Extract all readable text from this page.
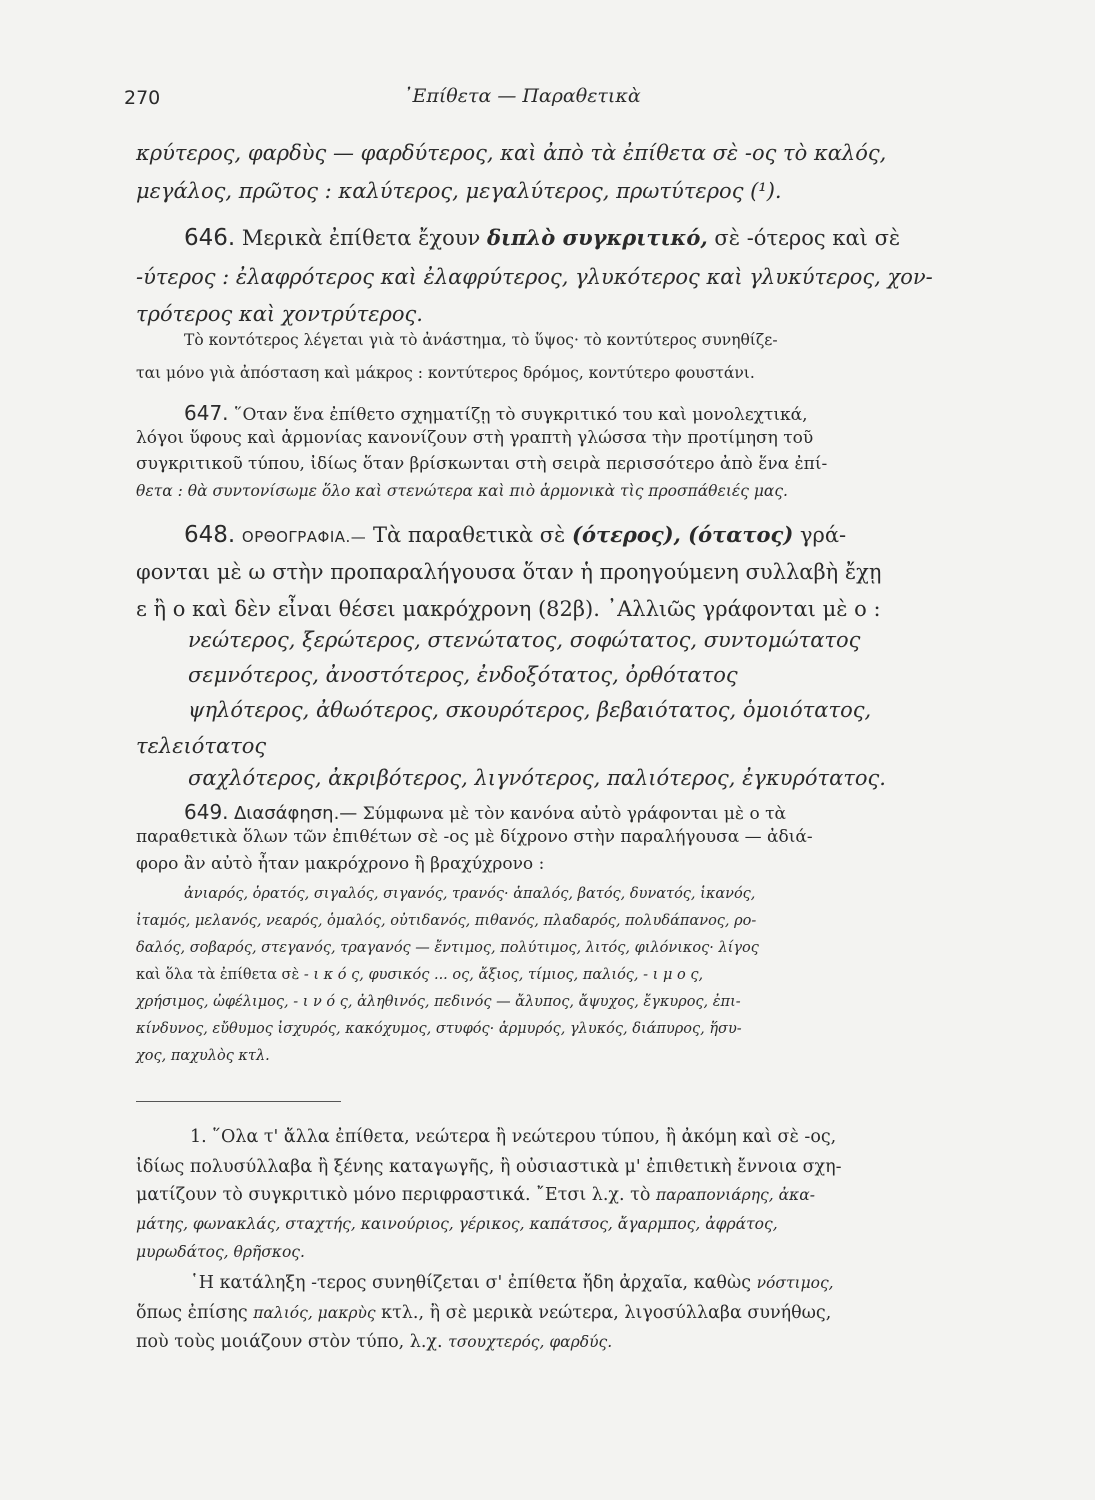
270	᾿Επίθετα — Παραθετικὰ
κρύτερος, φαρδὺς — φαρδύτερος, καὶ ἀπὸ τὰ ἐπίθετα σὲ -ος τὸ καλός,
μεγάλος, πρῶτος : καλύτερος, μεγαλύτερος, πρωτύτερος (¹).
646. Μερικὰ ἐπίθετα ἔχουν διπλὸ συγκριτικό, σὲ -ότερος καὶ σὲ
-ύτερος : ἐλαφρότερος καὶ ἐλαφρύτερος, γλυκότερος καὶ γλυκύτερος, χον-
τρότερος καὶ χοντρύτερος.
Τὸ κοντότερος λέγεται γιὰ τὸ ἀνάστημα, τὸ ὕψος· τὸ κοντύτερος συνηθίζε-
ται μόνο γιὰ ἀπόσταση καὶ μάκρος : κοντύτερος δρόμος, κοντύτερο φουστάνι.
647. ῞Οταν ἕνα ἐπίθετο σχηματίζῃ τὸ συγκριτικό του καὶ μονολεχτικά,
λόγοι ὕφους καὶ ἁρμονίας κανονίζουν στὴ γραπτὴ γλώσσα τὴν προτίμηση τοῦ
συγκριτικοῦ τύπου, ἰδίως ὅταν βρίσκωνται στὴ σειρὰ περισσότερο ἀπὸ ἕνα ἐπί-
θετα : θὰ συντονίσωμε ὅλο καὶ στενώτερα καὶ πιὸ ἁρμονικὰ τὶς προσπάθειές μας.
648. ΟΡΘΟΓΡΑΦΙΑ.— Τὰ παραθετικὰ σὲ (ότερος), (ότατος) γρά-
φονται μὲ ω στὴν προπαραλήγουσα ὅταν ἡ προηγούμενη συλλαβὴ ἔχῃ
ε ἢ ο καὶ δὲν εἶναι θέσει μακρόχρονη (82β). ᾿Αλλιῶς γράφονται μὲ ο :
νεώτερος, ξερώτερος, στενώτατος, σοφώτατος, συντομώτατος
σεμνότερος, ἀνοστότερος, ἐνδοξότατος, ὀρθότατος
ψηλότερος, ἀθωότερος, σκουρότερος, βεβαιότατος, ὁμοιότατος,
τελειότατος
σαχλότερος, ἀκριβότερος, λιγνότερος, παλιότερος, ἐγκυρότατος.
649. Διασάφηση.— Σύμφωνα μὲ τὸν κανόνα αὐτὸ γράφονται μὲ ο τὰ
παραθετικὰ ὅλων τῶν ἐπιθέτων σὲ -ος μὲ δίχρονο στὴν παραλήγουσα — ἀδιά-
φορο ἂν αὐτὸ ἦταν μακρόχρονο ἢ βραχύχρονο :
ἀνιαρός, ὁρατός, σιγαλός, σιγανός, τρανός· ἁπαλός, βατός, δυνατός, ἱκανός,
ἰταμός, μελανός, νεαρός, ὁμαλός, οὐτιδανός, πιθανός, πλαδαρός, πολυδάπανος, ρο-
δαλός, σοβαρός, στεγανός, τραγανός — ἔντιμος, πολύτιμος, λιτός, φιλόνικος· λίγος
καὶ ὅλα τὰ ἐπίθετα σὲ - ι κ ό ς, φυσικός ... ος, ἄξιος, τίμιος, παλιός, - ι μ ο ς,
χρήσιμος, ὠφέλιμος, - ι ν ό ς, ἀληθινός, πεδινός — ἄλυπος, ἄψυχος, ἔγκυρος, ἐπι-
κίνδυνος, εὔθυμος ἰσχυρός, κακόχυμος, στυφός· ἁρμυρός, γλυκός, διάπυρος, ἥσυ-
χος, παχυλὸς κτλ.
1. ῞Ολα τ' ἄλλα ἐπίθετα, νεώτερα ἢ νεώτερου τύπου, ἢ ἀκόμη καὶ σὲ -ος,
ἰδίως πολυσύλλαβα ἢ ξένης καταγωγῆς, ἢ οὐσιαστικὰ μ' ἐπιθετικὴ ἔννοια σχη-
ματίζουν τὸ συγκριτικὸ μόνο περιφραστικά. ῎Ετσι λ.χ. τὸ παραπονιάρης, ἀκα-
μάτης, φωνακλάς, σταχτής, καινούριος, γέρικος, καπάτσος, ἄγαρμπος, ἀφράτος,
μυρωδάτος, θρῆσκος.
῾Η κατάληξη -τερος συνηθίζεται σ' ἐπίθετα ἤδη ἀρχαῖα, καθὼς νόστιμος,
ὅπως ἐπίσης παλιός, μακρὺς κτλ., ἢ σὲ μερικὰ νεώτερα, λιγοσύλλαβα συνήθως,
ποὺ τοὺς μοιάζουν στὸν τύπο, λ.χ. τσουχτερός, φαρδύς.
